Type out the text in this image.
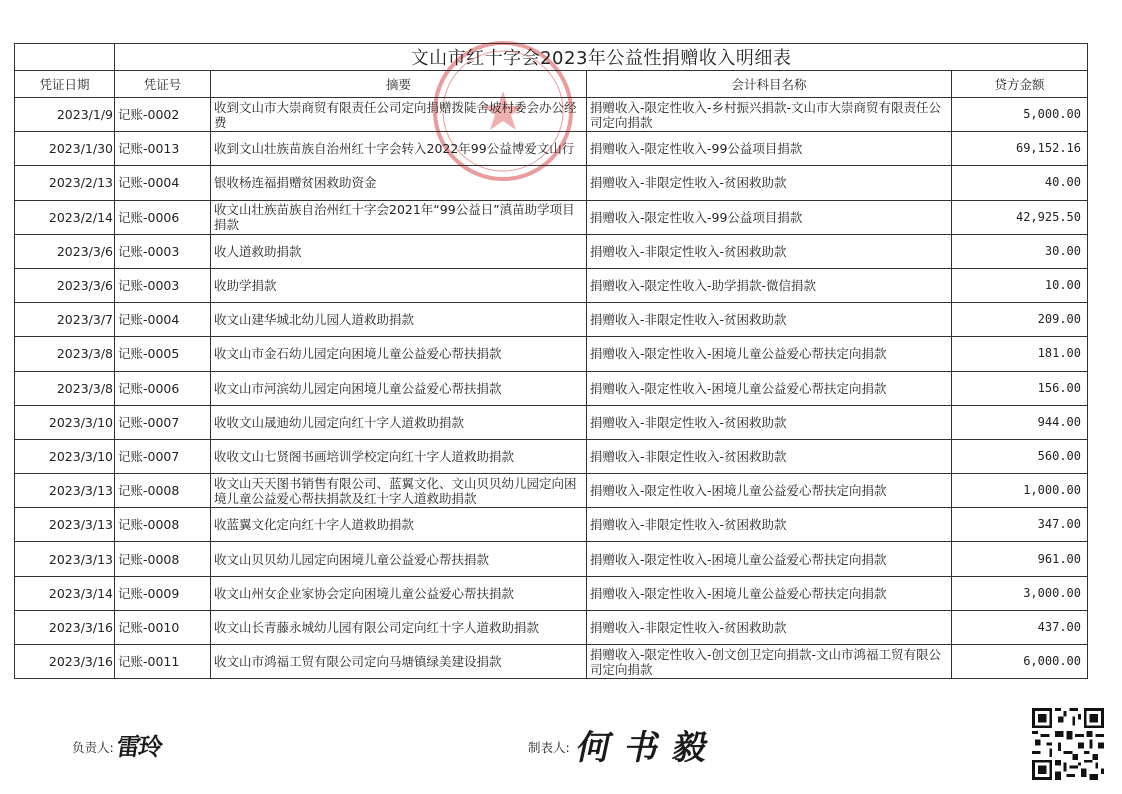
	文山市红十字会2023年公益性捐赠收入明细表			
凭证日期	凭证号	摘要	会计科目名称	贷方金额
2023/1/9	记账-0002	收到文山市大崇商贸有限责任公司定向捐赠拨陡舍坡村委会办公经费	捐赠收入-限定性收入-乡村振兴捐款-文山市大崇商贸有限责任公司定向捐款	5,000.00
2023/1/30	记账-0013	收到文山壮族苗族自治州红十字会转入2022年99公益博爱文山行	捐赠收入-限定性收入-99公益项目捐款	69,152.16
2023/2/13	记账-0004	银收杨连福捐赠贫困救助资金	捐赠收入-非限定性收入-贫困救助款	40.00
2023/2/14	记账-0006	收文山壮族苗族自治州红十字会2021年“99公益日”滇苗助学项目捐款	捐赠收入-限定性收入-99公益项目捐款	42,925.50
2023/3/6	记账-0003	收人道救助捐款	捐赠收入-非限定性收入-贫困救助款	30.00
2023/3/6	记账-0003	收助学捐款	捐赠收入-限定性收入-助学捐款-微信捐款	10.00
2023/3/7	记账-0004	收文山建华城北幼儿园人道救助捐款	捐赠收入-非限定性收入-贫困救助款	209.00
2023/3/8	记账-0005	收文山市金石幼儿园定向困境儿童公益爱心帮扶捐款	捐赠收入-限定性收入-困境儿童公益爱心帮扶定向捐款	181.00
2023/3/8	记账-0006	收文山市河滨幼儿园定向困境儿童公益爱心帮扶捐款	捐赠收入-限定性收入-困境儿童公益爱心帮扶定向捐款	156.00
2023/3/10	记账-0007	收收文山晟迪幼儿园定向红十字人道救助捐款	捐赠收入-非限定性收入-贫困救助款	944.00
2023/3/10	记账-0007	收收文山七贤阁书画培训学校定向红十字人道救助捐款	捐赠收入-非限定性收入-贫困救助款	560.00
2023/3/13	记账-0008	收文山天天图书销售有限公司、蓝翼文化、文山贝贝幼儿园定向困境儿童公益爱心帮扶捐款及红十字人道救助捐款	捐赠收入-限定性收入-困境儿童公益爱心帮扶定向捐款	1,000.00
2023/3/13	记账-0008	收蓝翼文化定向红十字人道救助捐款	捐赠收入-非限定性收入-贫困救助款	347.00
2023/3/13	记账-0008	收文山贝贝幼儿园定向困境儿童公益爱心帮扶捐款	捐赠收入-限定性收入-困境儿童公益爱心帮扶定向捐款	961.00
2023/3/14	记账-0009	收文山州女企业家协会定向困境儿童公益爱心帮扶捐款	捐赠收入-限定性收入-困境儿童公益爱心帮扶定向捐款	3,000.00
2023/3/16	记账-0010	收文山长青藤永城幼儿园有限公司定向红十字人道救助捐款	捐赠收入-非限定性收入-贫困救助款	437.00
2023/3/16	记账-0011	收文山市鸿福工贸有限公司定向马塘镇绿美建设捐款	捐赠收入-限定性收入-创文创卫定向捐款-文山市鸿福工贸有限公司定向捐款	6,000.00
负责人: 雷玲	制表人: 何书毅
